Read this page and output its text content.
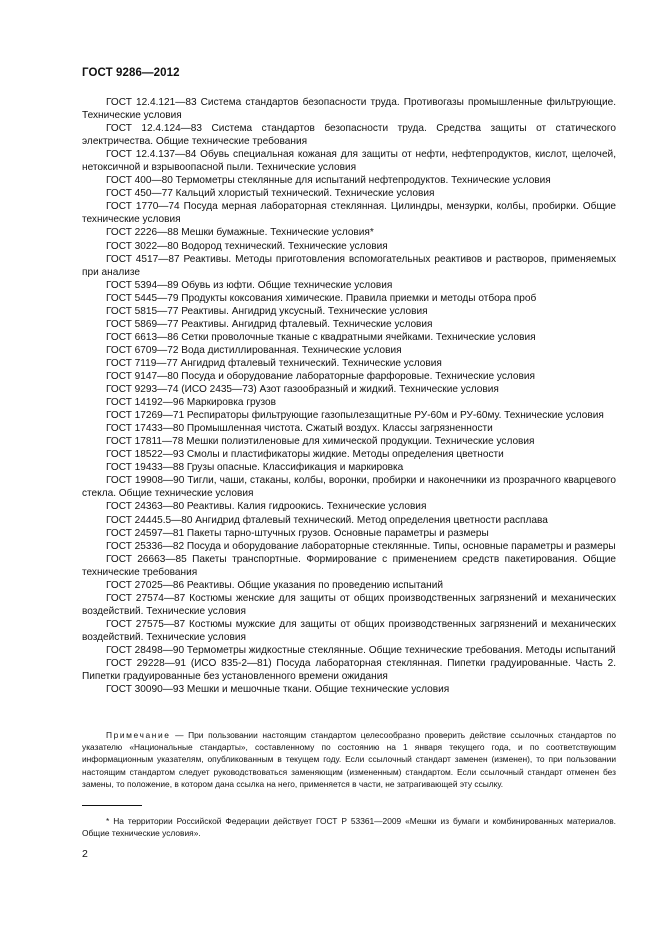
ГОСТ 9286—2012

ГОСТ 12.4.121—83 Система стандартов безопасности труда. Противогазы промышленные фильтрующие. Технические условия

ГОСТ 12.4.124—83 Система стандартов безопасности труда. Средства защиты от статического электричества. Общие технические требования

ГОСТ 12.4.137—84 Обувь специальная кожаная для защиты от нефти, нефтепродуктов, кислот, щелочей, нетоксичной и взрывоопасной пыли. Технические условия

ГОСТ 400—80 Термометры стеклянные для испытаний нефтепродуктов. Технические условия

ГОСТ 450—77 Кальций хлористый технический. Технические условия

ГОСТ 1770—74 Посуда мерная лабораторная стеклянная. Цилиндры, мензурки, колбы, пробирки. Общие технические условия

ГОСТ 2226—88 Мешки бумажные. Технические условия*

ГОСТ 3022—80 Водород технический. Технические условия

ГОСТ 4517—87 Реактивы. Методы приготовления вспомогательных реактивов и растворов, применяемых при анализе

ГОСТ 5394—89 Обувь из юфти. Общие технические условия

ГОСТ 5445—79 Продукты коксования химические. Правила приемки и методы отбора проб

ГОСТ 5815—77 Реактивы. Ангидрид уксусный. Технические условия

ГОСТ 5869—77 Реактивы. Ангидрид фталевый. Технические условия

ГОСТ 6613—86 Сетки проволочные тканые с квадратными ячейками. Технические условия

ГОСТ 6709—72 Вода дистиллированная. Технические условия

ГОСТ 7119—77 Ангидрид фталевый технический. Технические условия

ГОСТ 9147—80 Посуда и оборудование лабораторные фарфоровые. Технические условия

ГОСТ 9293—74 (ИСО 2435—73) Азот газообразный и жидкий. Технические условия

ГОСТ 14192—96 Маркировка грузов

ГОСТ 17269—71 Респираторы фильтрующие газопылезащитные РУ-60м и РУ-60му. Технические условия

ГОСТ 17433—80 Промышленная чистота. Сжатый воздух. Классы загрязненности

ГОСТ 17811—78 Мешки полиэтиленовые для химической продукции. Технические условия

ГОСТ 18522—93 Смолы и пластификаторы жидкие. Методы определения цветности

ГОСТ 19433—88 Грузы опасные. Классификация и маркировка

ГОСТ 19908—90 Тигли, чаши, стаканы, колбы, воронки, пробирки и наконечники из прозрачного кварцевого стекла. Общие технические условия

ГОСТ 24363—80 Реактивы. Калия гидроокись. Технические условия

ГОСТ 24445.5—80 Ангидрид фталевый технический. Метод определения цветности расплава

ГОСТ 24597—81 Пакеты тарно-штучных грузов. Основные параметры и размеры

ГОСТ 25336—82 Посуда и оборудование лабораторные стеклянные. Типы, основные параметры и размеры

ГОСТ 26663—85 Пакеты транспортные. Формирование с применением средств пакетирования. Общие технические требования

ГОСТ 27025—86 Реактивы. Общие указания по проведению испытаний

ГОСТ 27574—87 Костюмы женские для защиты от общих производственных загрязнений и механических воздействий. Технические условия

ГОСТ 27575—87 Костюмы мужские для защиты от общих производственных загрязнений и механических воздействий. Технические условия

ГОСТ 28498—90 Термометры жидкостные стеклянные. Общие технические требования. Методы испытаний

ГОСТ 29228—91 (ИСО 835-2—81) Посуда лабораторная стеклянная. Пипетки градуированные. Часть 2. Пипетки градуированные без установленного времени ожидания

ГОСТ 30090—93 Мешки и мешочные ткани. Общие технические условия

Примечание — При пользовании настоящим стандартом целесообразно проверить действие ссылочных стандартов по указателю «Национальные стандарты», составленному по состоянию на 1 января текущего года, и по соответствующим информационным указателям, опубликованным в текущем году. Если ссылочный стандарт заменен (изменен), то при пользовании настоящим стандартом следует руководствоваться заменяющим (измененным) стандартом. Если ссылочный стандарт отменен без замены, то положение, в котором дана ссылка на него, применяется в части, не затрагивающей эту ссылку.

* На территории Российской Федерации действует ГОСТ Р 53361—2009 «Мешки из бумаги и комбинированных материалов. Общие технические условия».

2
